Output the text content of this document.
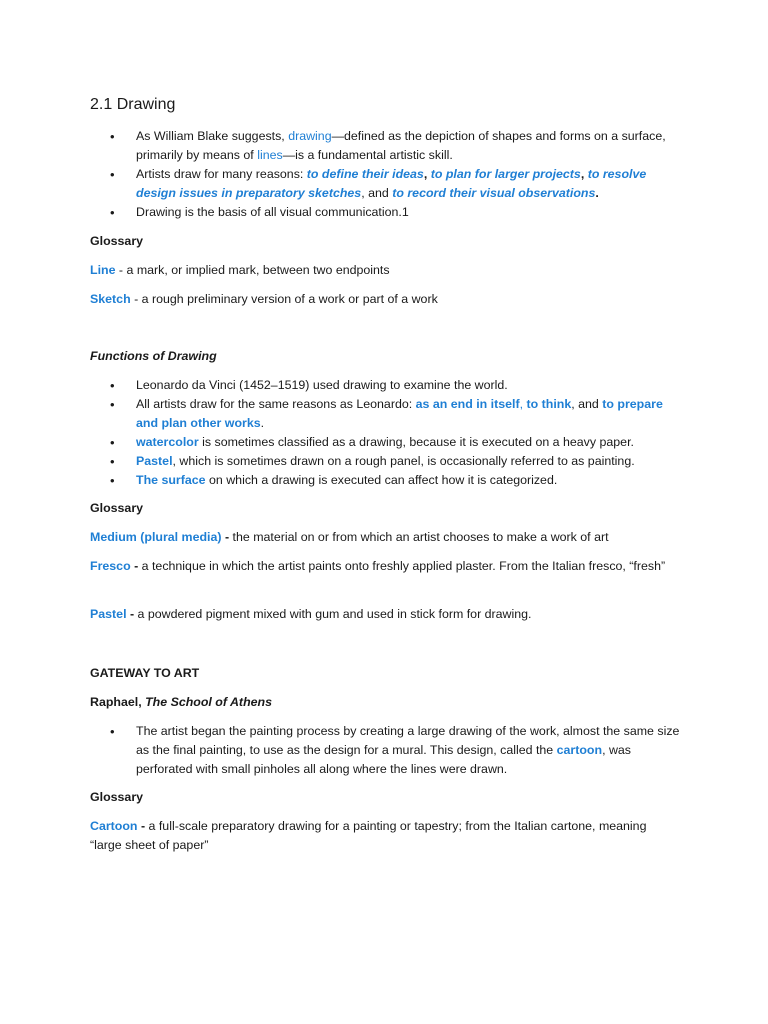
2.1 Drawing
• As William Blake suggests, drawing—defined as the depiction of shapes and forms on a surface, primarily by means of lines—is a fundamental artistic skill.
• Artists draw for many reasons: to define their ideas, to plan for larger projects, to resolve design issues in preparatory sketches, and to record their visual observations.
• Drawing is the basis of all visual communication.1

Glossary

Line - a mark, or implied mark, between two endpoints

Sketch - a rough preliminary version of a work or part of a work

Functions of Drawing

• Leonardo da Vinci (1452–1519) used drawing to examine the world.
• All artists draw for the same reasons as Leonardo: as an end in itself, to think, and to prepare and plan other works.
• watercolor is sometimes classified as a drawing, because it is executed on a heavy paper.
• Pastel, which is sometimes drawn on a rough panel, is occasionally referred to as painting.
• The surface on which a drawing is executed can affect how it is categorized.

Glossary

Medium (plural media) - the material on or from which an artist chooses to make a work of art

Fresco - a technique in which the artist paints onto freshly applied plaster. From the Italian fresco, “fresh”

Pastel - a powdered pigment mixed with gum and used in stick form for drawing.

GATEWAY TO ART

Raphael, The School of Athens

• The artist began the painting process by creating a large drawing of the work, almost the same size as the final painting, to use as the design for a mural. This design, called the cartoon, was perforated with small pinholes all along where the lines were drawn.

Glossary

Cartoon - a full-scale preparatory drawing for a painting or tapestry; from the Italian cartone, meaning “large sheet of paper”
